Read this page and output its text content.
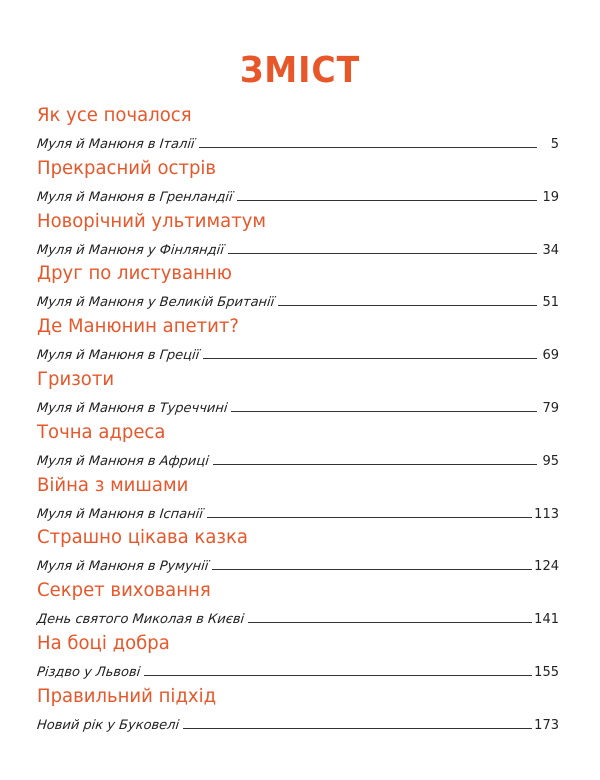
ЗМІСТ
Як усе почалося
Муля й Манюня в Італії	5
Прекрасний острів
Муля й Манюня в Гренландії	19
Новорічний ультиматум
Муля й Манюня у Фінляндії	34
Друг по листуванню
Муля й Манюня у Великій Британії	51
Де Манюнин апетит?
Муля й Манюня в Греції	69
Гризоти
Муля й Манюня в Туреччині	79
Точна адреса
Муля й Манюня в Африці	95
Війна з мишами
Муля й Манюня в Іспанії	113
Страшно цікава казка
Муля й Манюня в Румунії	124
Секрет виховання
День святого Миколая в Києві	141
На боці добра
Різдво у Львові	155
Правильний підхід
Новий рік у Буковелі	173
